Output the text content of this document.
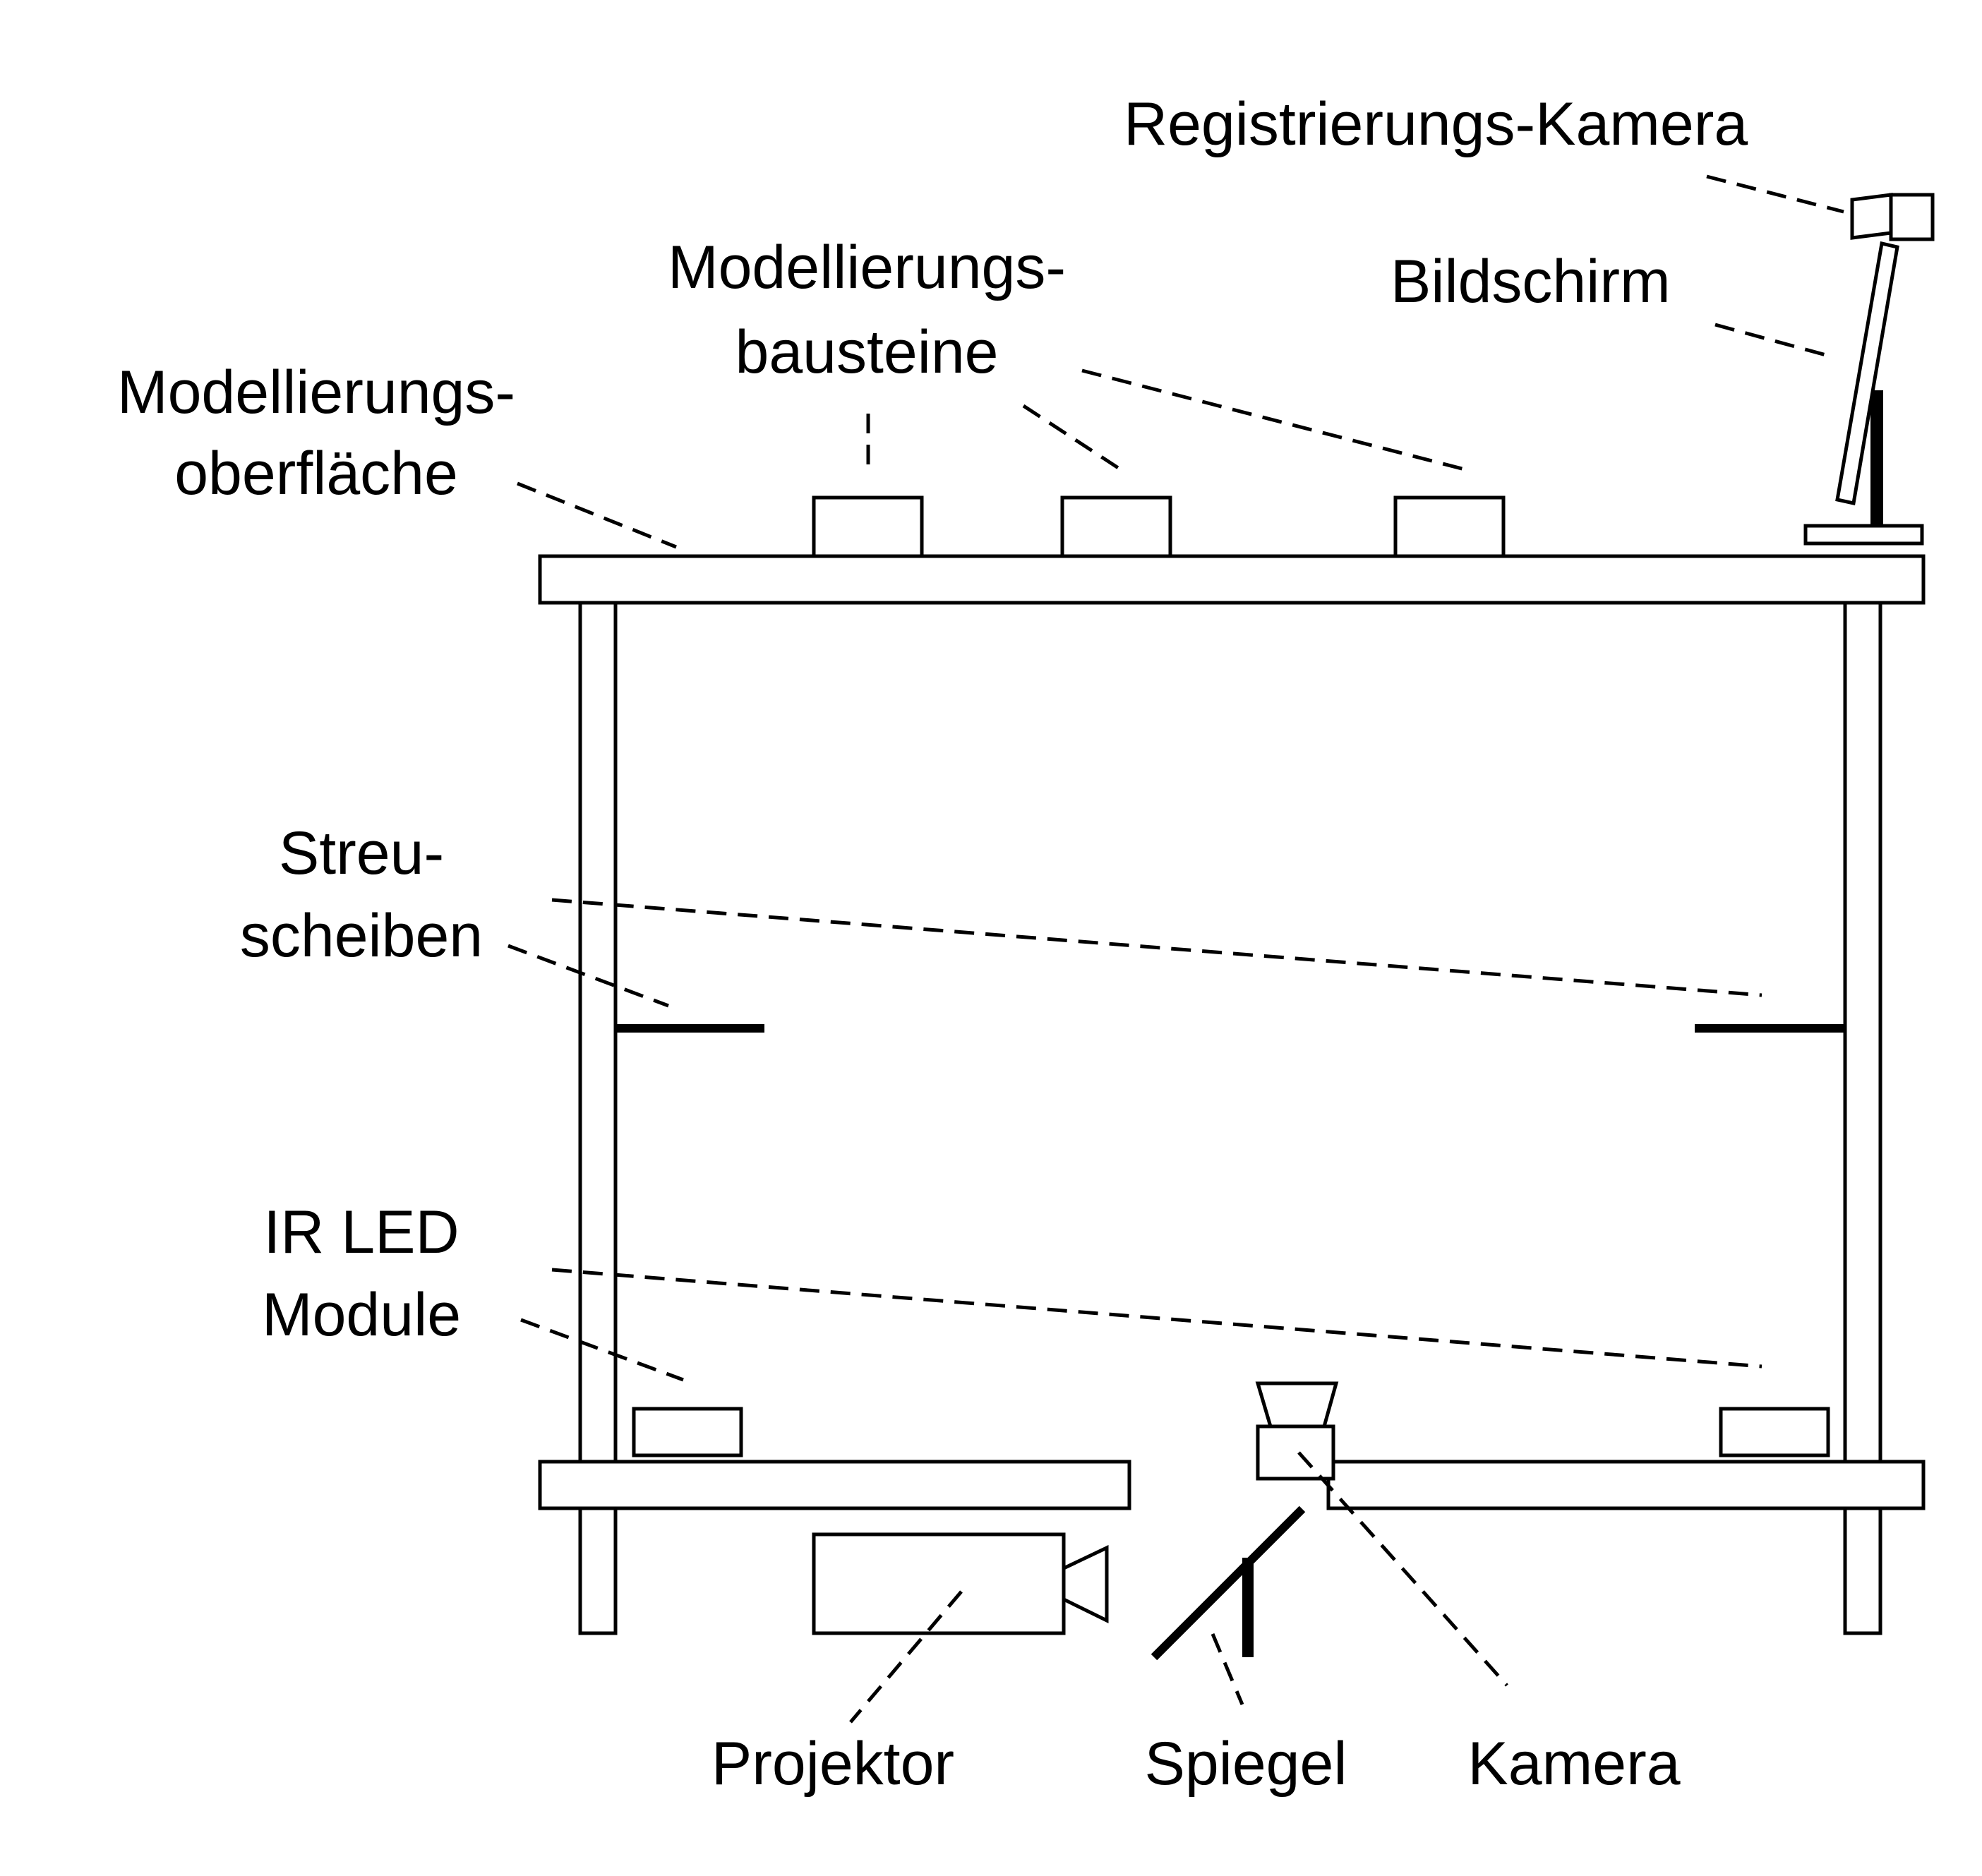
Registrierungs-Kamera
Bildschirm
Modellierungs-
bausteine
Modellierungs-
oberfläche
Streu-
scheiben
IR LED
Module
Projektor	Spiegel Kamera
